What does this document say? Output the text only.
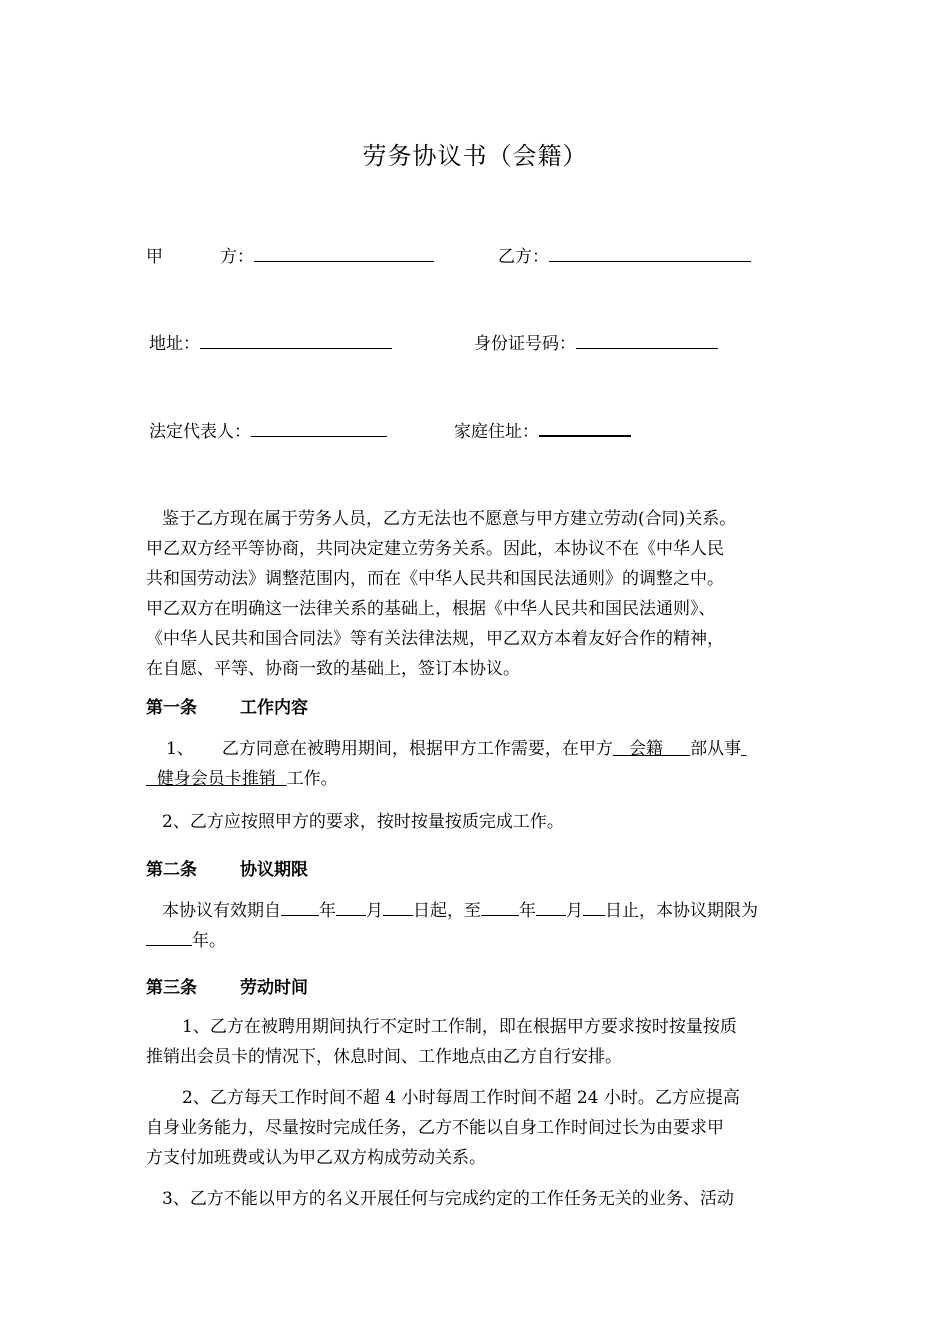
劳务协议书（会籍）
甲	方：	乙方：
地址：	身份证号码：
法定代表人：	家庭住址：
鉴于乙方现在属于劳务人员，乙方无法也不愿意与甲方建立劳动(合同)关系。
甲乙双方经平等协商，共同决定建立劳务关系。因此，本协议不在《中华人民
共和国劳动法》调整范围内，而在《中华人民共和国民法通则》的调整之中。
甲乙双方在明确这一法律关系的基础上，根据《中华人民共和国民法通则》、
《中华人民共和国合同法》等有关法律法规，甲乙双方本着友好合作的精神，
在自愿、平等、协商一致的基础上，签订本协议。
第一条	工作内容
1、 乙方同意在被聘用期间，根据甲方工作需要，在甲方 会籍 部从事
健身会员卡推销 工作。
2、乙方应按照甲方的要求，按时按量按质完成工作。
第二条	协议期限
本协议有效期自 年 月 日起，至 年 月 日止，本协议期限为
年。
第三条	劳动时间
1、乙方在被聘用期间执行不定时工作制，即在根据甲方要求按时按量按质
推销出会员卡的情况下，休息时间、工作地点由乙方自行安排。
2、乙方每天工作时间不超 4 小时每周工作时间不超 24 小时。乙方应提高
自身业务能力，尽量按时完成任务，乙方不能以自身工作时间过长为由要求甲
方支付加班费或认为甲乙双方构成劳动关系。
3、乙方不能以甲方的名义开展任何与完成约定的工作任务无关的业务、活动
